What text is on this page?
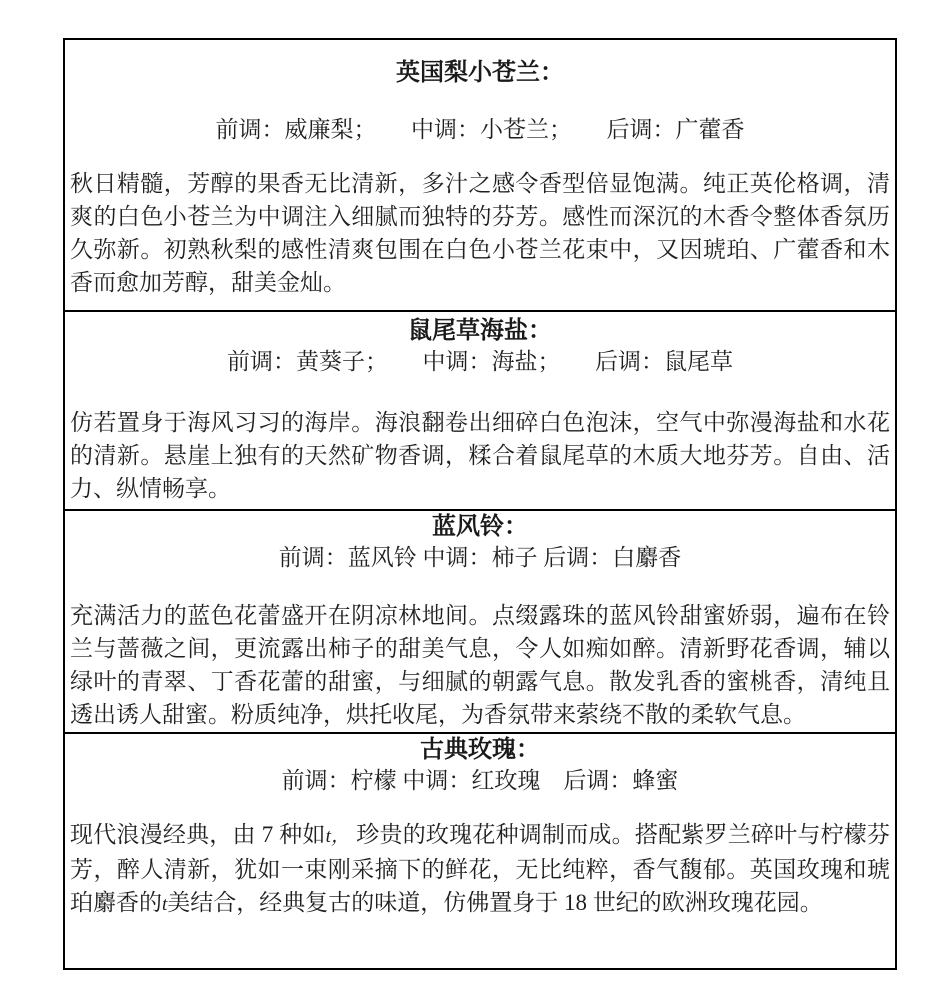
英国梨小苍兰：
前调：威廉梨；　　中调：小苍兰；　　后调：广藿香

秋日精髓，芳醇的果香无比清新，多汁之感令香型倍显饱满。纯正英伦格调，清爽的白色小苍兰为中调注入细腻而独特的芬芳。感性而深沉的木香令整体香氛历久弥新。初熟秋梨的感性清爽包围在白色小苍兰花束中，又因琥珀、广藿香和木香而愈加芳醇，甜美金灿。

鼠尾草海盐：
前调：黄葵子；　　中调：海盐；　　后调：鼠尾草

仿若置身于海风习习的海岸。海浪翻卷出细碎白色泡沫，空气中弥漫海盐和水花的清新。悬崖上独有的天然矿物香调，糅合着鼠尾草的木质大地芬芳。自由、活力、纵情畅享。

蓝风铃：
前调：蓝风铃 中调：柿子 后调：白麝香

充满活力的蓝色花蕾盛开在阴凉林地间。点缀露珠的蓝风铃甜蜜娇弱，遍布在铃兰与蔷薇之间，更流露出柿子的甜美气息，令人如痴如醉。清新野花香调，辅以绿叶的青翠、丁香花蕾的甜蜜，与细腻的朝露气息。散发乳香的蜜桃香，清纯且透出诱人甜蜜。粉质纯净，烘托收尾，为香氛带来萦绕不散的柔软气息。

古典玫瑰：
前调：柠檬 中调：红玫瑰　后调：蜂蜜

现代浪漫经典，由 7 种如t， 珍贵的玫瑰花种调制而成。搭配紫罗兰碎叶与柠檬芬芳，醉人清新，犹如一束刚采摘下的鲜花，无比纯粹，香气馥郁。英国玫瑰和琥珀麝香的t美结合，经典复古的味道，仿佛置身于 18 世纪的欧洲玫瑰花园。
